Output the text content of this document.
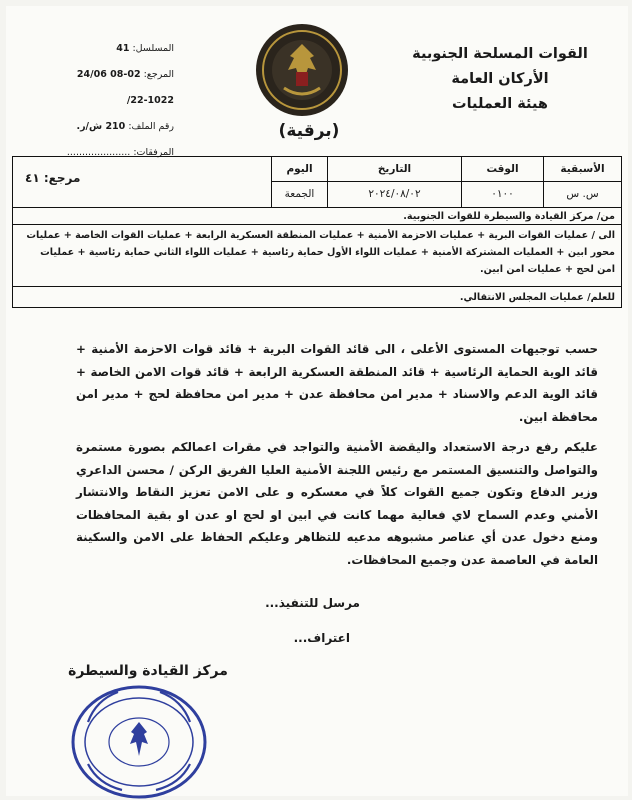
المسلسل: 41
المرجع: 02-08 24/06
22-1022/
رقم الملف: 210 ش/ر.
المرفقات: .....................
القوات المسلحة الجنوبية
الأركان العامة
هيئة العمليات
(برقية)
الأسبقية
س. س
الوقت
٠١٠٠
التاريخ
٢٠٢٤/٠٨/٠٢
اليوم
الجمعة
مرجع: ٤١
من/ مركز القيادة والسيطرة للقوات الجنوبية.
الى / عمليات القوات البرية + عمليات الاحزمة الأمنية + عمليات المنطقة العسكرية الرابعة + عمليات القوات الخاصة + عمليات محور ابين + العمليات المشتركة الأمنية + عمليات اللواء الأول حماية رئاسية + عمليات اللواء الثاني حماية رئاسية + عمليات امن لحج + عمليات امن ابين.
للعلم/ عمليات المجلس الانتقالي.
حسب توجيهات المستوى الأعلى ، الى قائد القوات البرية + قائد قوات الاحزمة الأمنية + قائد الوية الحماية الرئاسية + قائد المنطقة العسكرية الرابعة + قائد قوات الامن الخاصة + قائد الوية الدعم والاسناد + مدير امن محافظة عدن + مدير امن محافظة لحج + مدير امن محافظة ابين.
عليكم رفع درجة الاستعداد واليقضة الأمنية والتواجد في مقرات اعمالكم بصورة مستمرة والتواصل والتنسيق المستمر مع رئيس اللجنة الأمنية العليا الفريق الركن / محسن الداعري وزير الدفاع وتكون جميع القوات كلاً في معسكره و على الامن تعزيز النقاط والانتشار الأمني وعدم السماح لاي فعالية مهما كانت في ابين او لحج او عدن او بقية المحافظات ومنع دخول عدن أي عناصر مشبوهه مدعيه للتظاهر وعليكم الحفاظ على الامن والسكينة العامة في العاصمة عدن وجميع المحافظات.
مرسل للتنفيذ...
اعتراف...
مركز القيادة والسيطرة
